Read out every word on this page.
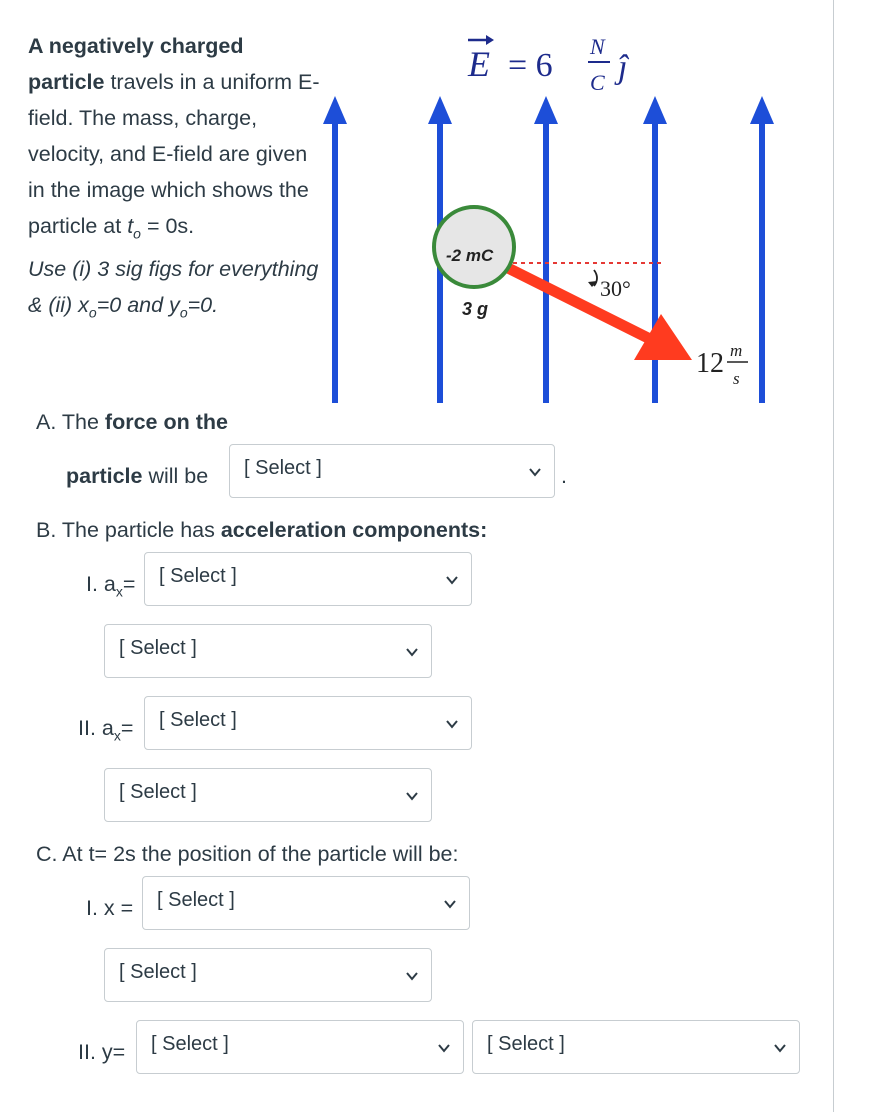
A negatively charged
particle travels in a uniform E-field. The mass, charge, velocity, and E-field are given in the image which shows the particle at $t_o = 0s$.
Use (i) 3 sig figs for everything & (ii) $x_o=0$ and $y_o=0$.
E = 6
N
C ĵ
-2 mC
3 g
30°
12 m
s
A. The force on the
particle will be [ Select ]	.
B. The particle has acceleration components:
I. $a_x=$ [ Select ]
[ Select ]
II. $a_x=$ [ Select ]
[ Select ]
C. At t= 2s the position of the particle will be:
I. x = [ Select ]
[ Select ]
II. y= [ Select ]	[ Select ]
